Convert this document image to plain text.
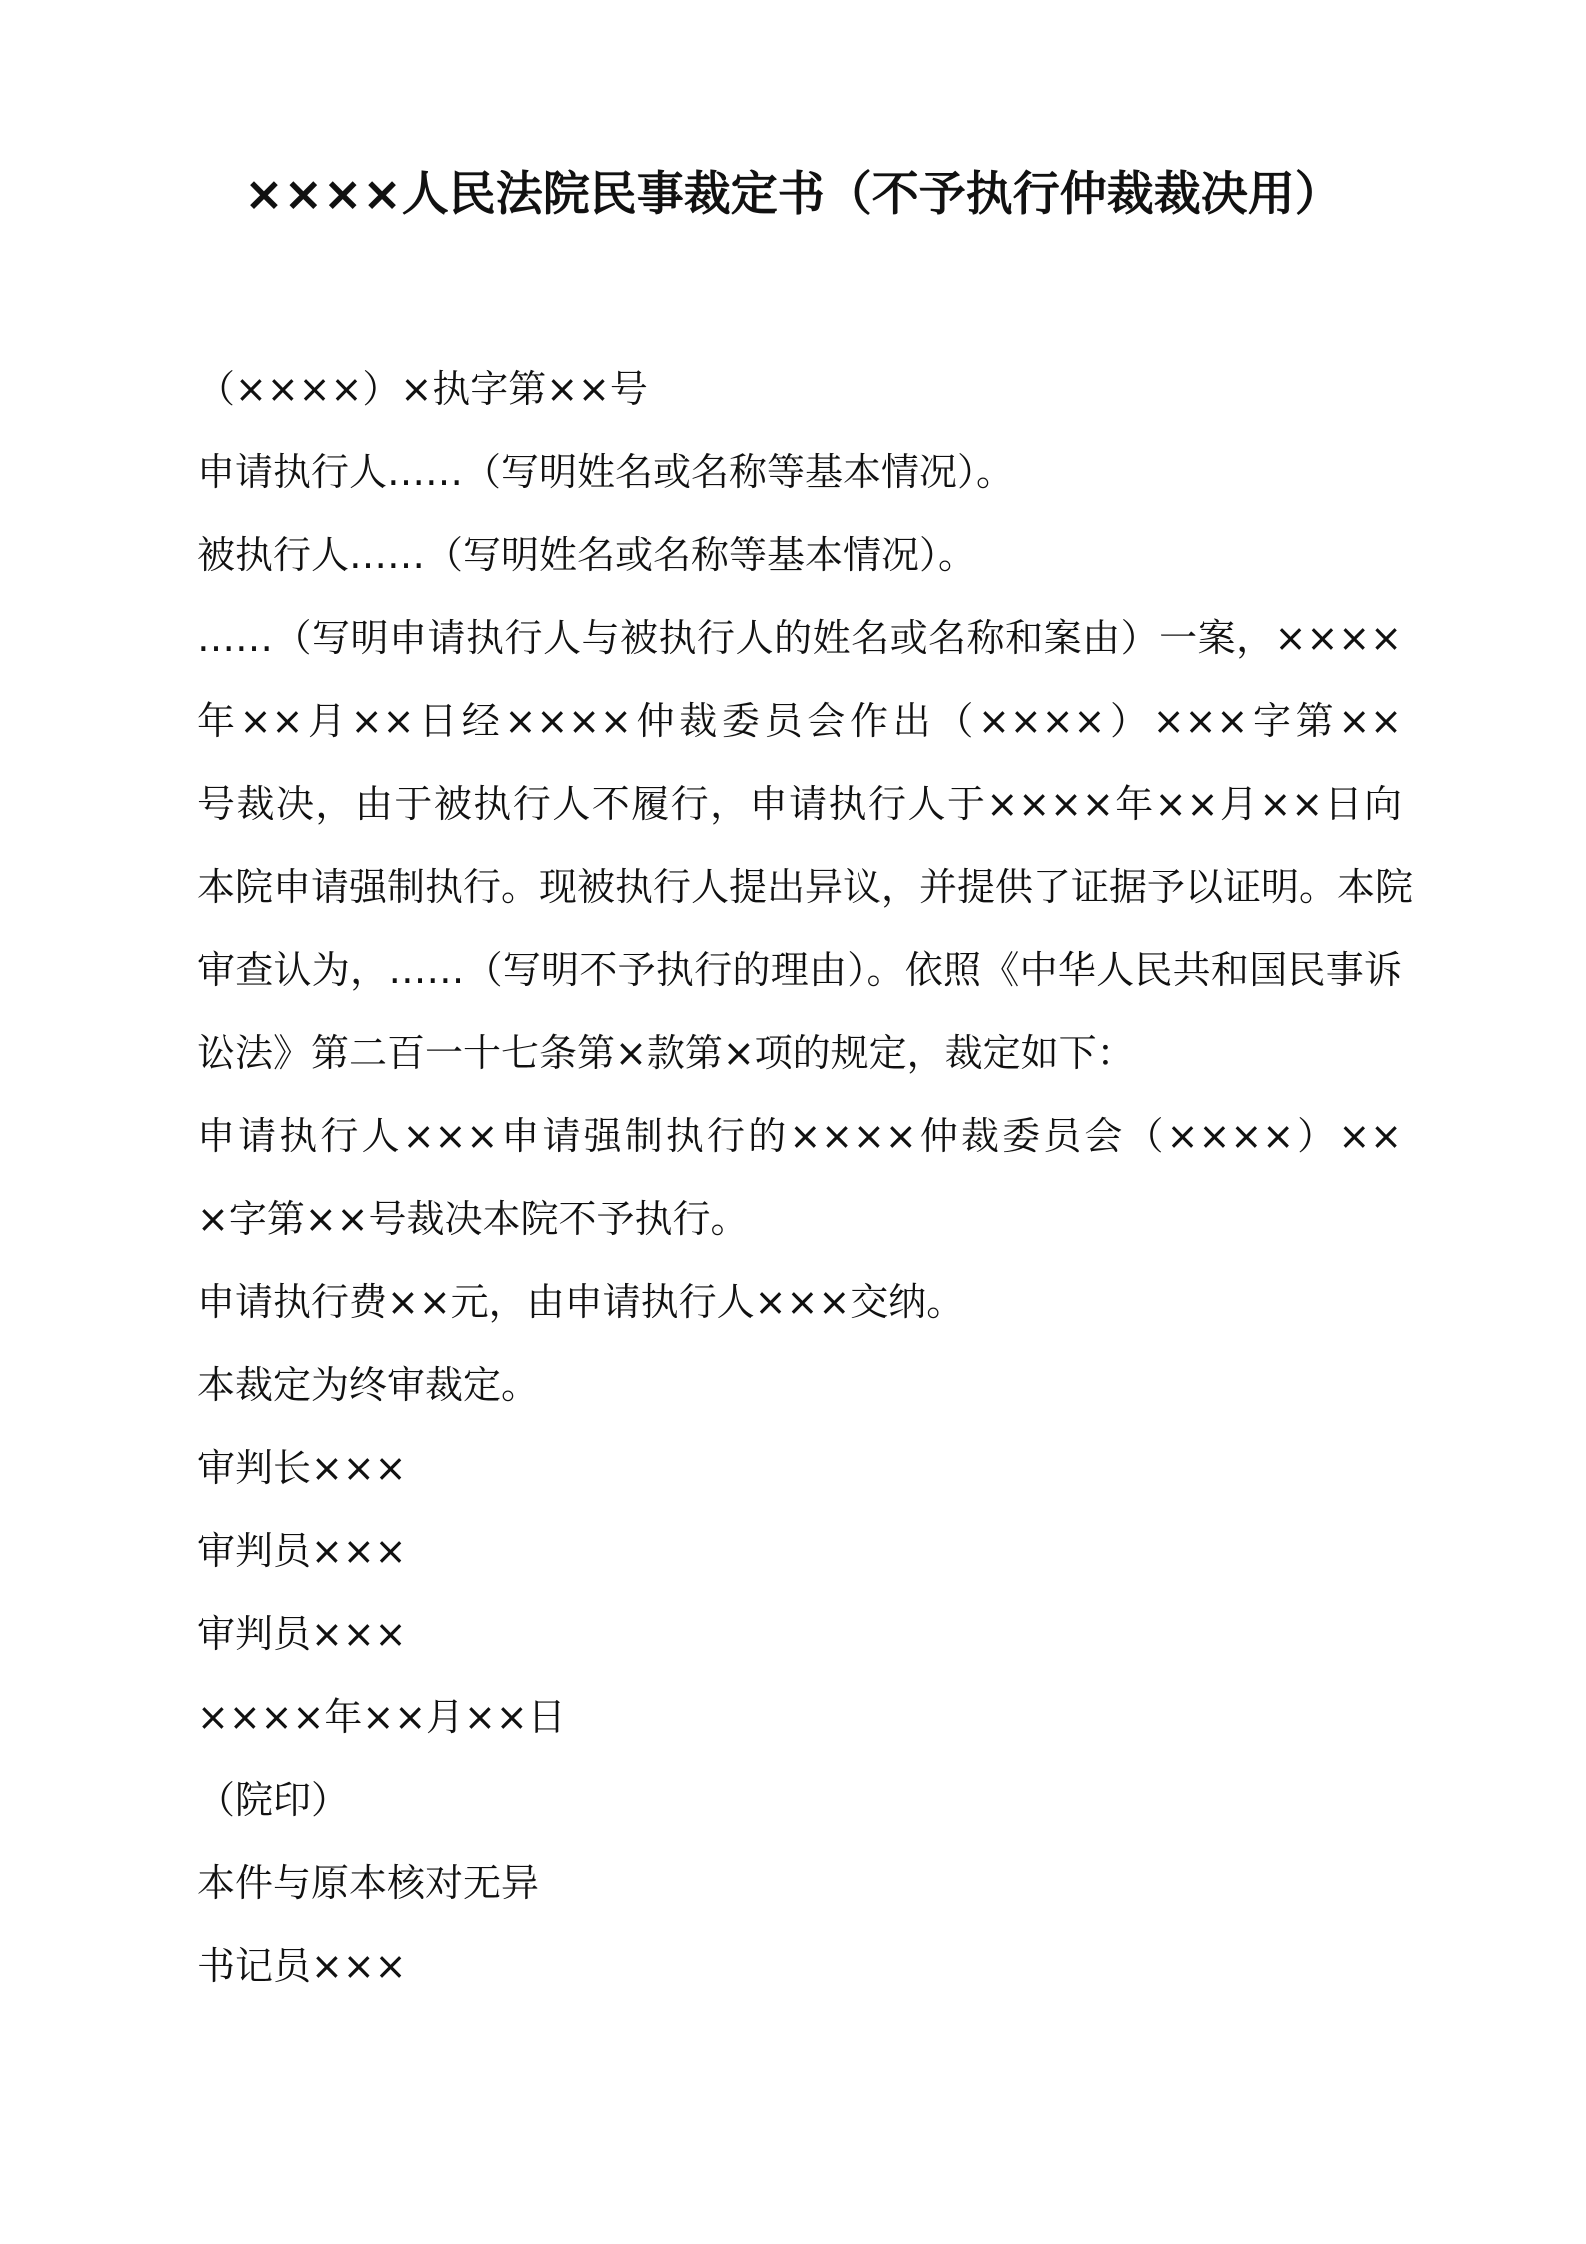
××××人民法院民事裁定书（不予执行仲裁裁决用）
（××××）×执字第××号
申请执行人……（写明姓名或名称等基本情况）。
被执行人……（写明姓名或名称等基本情况）。
……（写明申请执行人与被执行人的姓名或名称和案由）一案，××××
年××月××日经××××仲裁委员会作出（××××）×××字第××
号裁决，由于被执行人不履行，申请执行人于××××年××月××日向
本院申请强制执行。现被执行人提出异议，并提供了证据予以证明。本院
审查认为，……（写明不予执行的理由）。依照《中华人民共和国民事诉
讼法》第二百一十七条第×款第×项的规定，裁定如下：
申请执行人×××申请强制执行的××××仲裁委员会（××××）××
×字第××号裁决本院不予执行。
申请执行费××元，由申请执行人×××交纳。
本裁定为终审裁定。
审判长×××
审判员×××
审判员×××
××××年××月××日
（院印）
本件与原本核对无异
书记员×××
